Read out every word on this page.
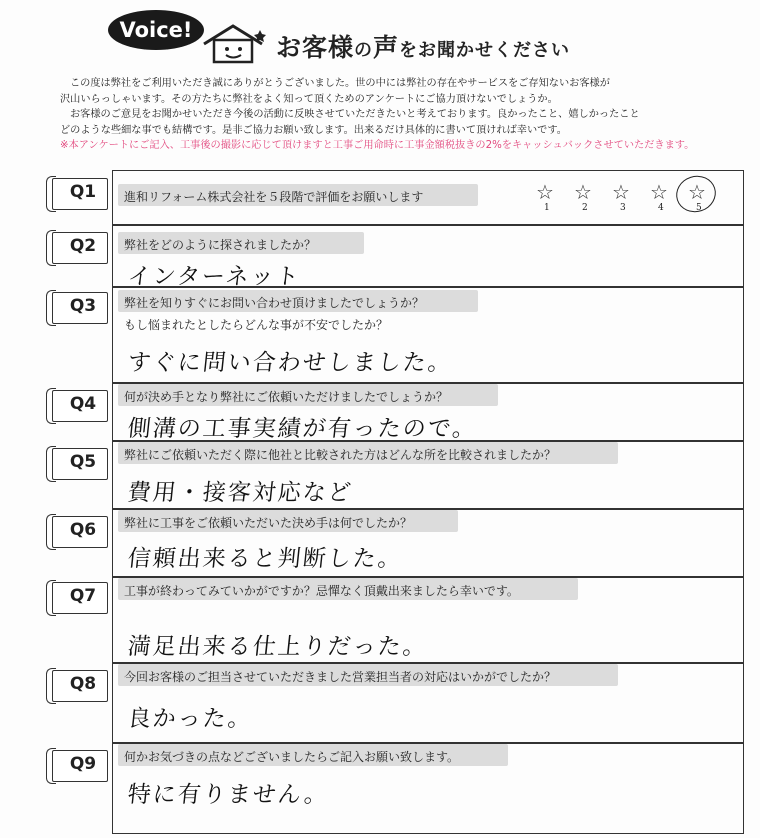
Voice!
お客様の声をお聞かせください

この度は弊社をご利用いただき誠にありがとうございました。世の中には弊社の存在やサービスをご存知ないお客様が

沢山いらっしゃいます。その方たちに弊社をよく知って頂くためのアンケートにご協力頂けないでしょうか。

お客様のご意見をお聞かせいただき今後の活動に反映させていただきたいと考えております。良かったこと、嬉しかったこと

どのような些細な事でも結構です。是非ご協力お願い致します。出来るだけ具体的に書いて頂ければ幸いです。

※本アンケートにご記入、工事後の撮影に応じて頂けますと工事ご用命時に工事金額税抜きの2%をキャッシュバックさせていただきます。

Q1	進和リフォーム株式会社を５段階で評価をお願いします	☆ ☆ ☆ ☆ ☆
1	2	3	4	5
Q2	弊社をどのように探されましたか？
インターネット
Q3	弊社を知りすぐにお問い合わせ頂けましたでしょうか？
もし悩まれたとしたらどんな事が不安でしたか？
すぐに問い合わせしました。
Q4	何が決め手となり弊社にご依頼いただけましたでしょうか？
側溝の工事実績が有ったので。
Q5	弊社にご依頼いただく際に他社と比較された方はどんな所を比較されましたか？
費用・接客対応など
Q6	弊社に工事をご依頼いただいた決め手は何でしたか？
信頼出来ると判断した。
Q7	工事が終わってみていかがですか？忌憚なく頂戴出来ましたら幸いです。
満足出来る仕上りだった。
Q8	今回お客様のご担当させていただきました営業担当者の対応はいかがでしたか？
良かった。
Q9	何かお気づきの点などございましたらご記入お願い致します。
特に有りません。
